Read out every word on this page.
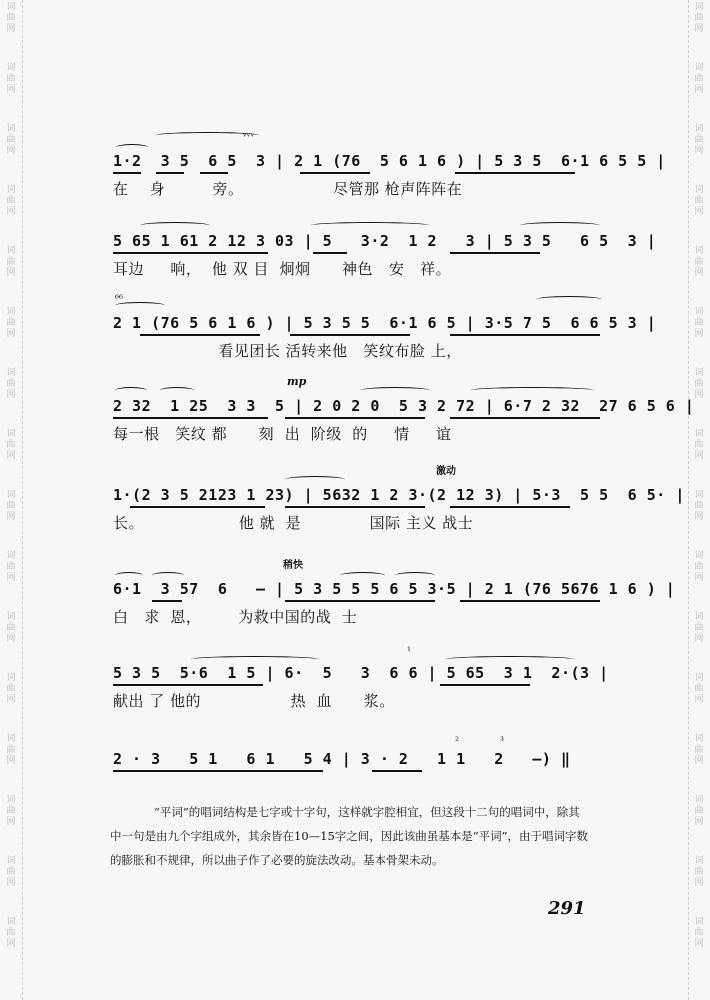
词
曲
网
词
曲
网
词
曲
网
词
曲
网
词
曲
网
词
曲
网
词
曲
网
词
曲
网
词
曲
网
词
曲
网
词
曲
网
词
曲
网
词
曲
网
词
曲
网
词
曲
网
词
曲
网
词
曲
网
词
曲
网
词
曲
网
词
曲
网
词
曲
网
词
曲
网
词
曲
网
词
曲
网
词
曲
网
词
曲
网
词
曲
网
词
曲
网
词
曲
网
词
曲
网
词
曲
网
词
曲
网
ᵛᵛᵛ
1·2  3 5  6 5  3 | 2 1 (76  5 6 1 6 ) | 5 3 5  6·1 6 5 5 |
在    身         旁。                 尽管那 枪声阵阵在
5 65 1 61 2 12 3 03 | 5   3·2  1 2   3 | 5 3 5   6 5  3 |
耳边     响，  他 双 目  炯炯      神色   安   祥。
⁶⁶
2 1 (76 5 6 1 6 ) | 5 3 5 5  6·1 6 5 | 3·5 7 5  6 6 5 3 |
看见团长 活转来他   笑纹布脸 上，
mp
2 32  1 25  3 3  5 | 2 0 2 0  5 3 2 72 | 6·7 2 32  27 6 5 6 |
每一根   笑纹 都      刻  出  阶级  的     情     谊
激动
1·(2 3 5 2123 1 23) | 5632 1 2 3·(2 12 3) | 5·3  5 5  6 5· |
长。                  他 就  是             国际 主义 战士
稍快
6·1  3 57  6   — | 5 3 5 5 5 6 5 3·5 | 2 1 (76 5676 1 6 ) |
白   求  恩，       为救中国的战  士
¹
5 3 5  5·6  1 5 | 6·  5   3  6 6 | 5 65  3 1  2·(3 |
献出 了 他的                 热  血      浆。
²	³
2 · 3   5 1   6 1   5 4 | 3 · 2   1 1   2   —) ‖
“平词”的唱词结构是七字或十字句，这样就字腔相宜，但这段十二句的唱词中，除其中一句是由九个字组成外，其余皆在10—15字之间，因此该曲虽基本是“平词”，由于唱词字数的膨胀和不规律，所以曲子作了必要的旋法改动。基本骨架未动。
291
